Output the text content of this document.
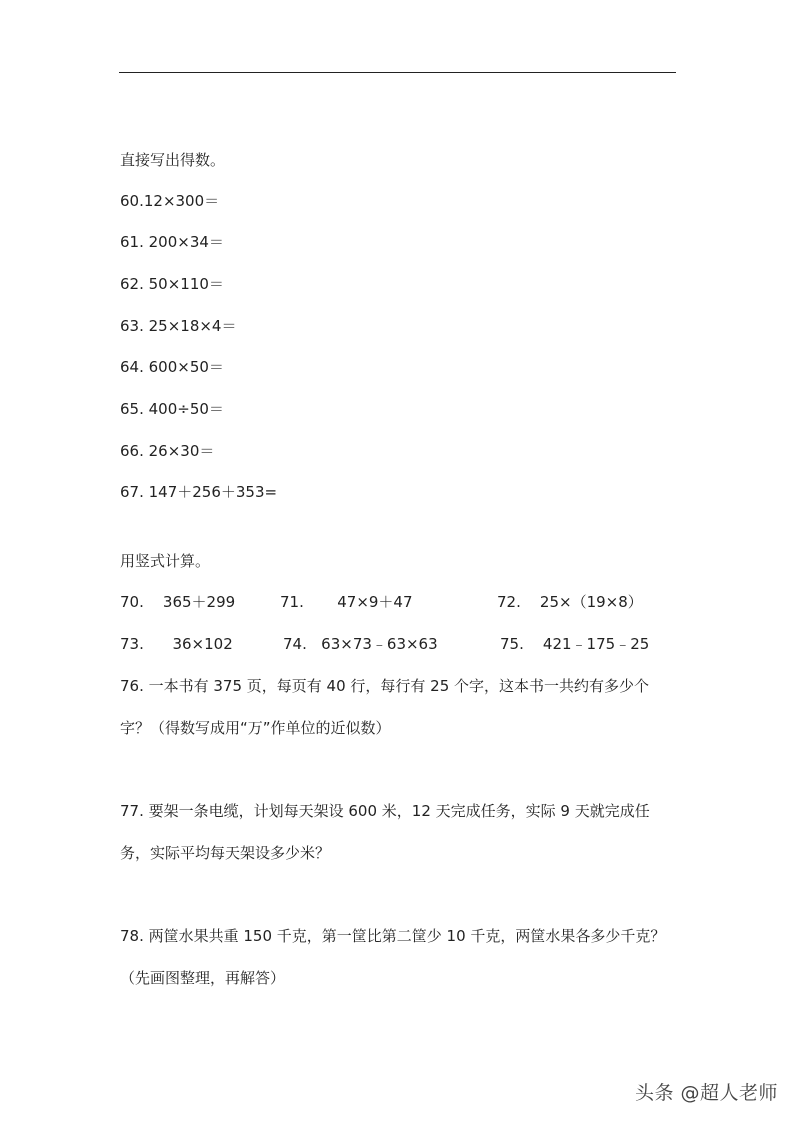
直接写出得数。
60.12×300＝
61. 200×34＝
62. 50×110＝
63. 25×18×4＝
64. 600×50＝
65. 400÷50＝
66. 26×30＝
67. 147＋256＋353=
用竖式计算。
70.    365＋299	71.       47×9＋47	72.    25×（19×8）
73.      36×102	74.   63×73﹣63×63	75.    421﹣175﹣25
76. 一本书有 375 页，每页有 40 行，每行有 25 个字，这本书一共约有多少个
字？（得数写成用“万”作单位的近似数）
77. 要架一条电缆，计划每天架设 600 米，12 天完成任务，实际 9 天就完成任
务，实际平均每天架设多少米？
78. 两筐水果共重 150 千克，第一筐比第二筐少 10 千克，两筐水果各多少千克？
（先画图整理，再解答）
头条 @超人老师
